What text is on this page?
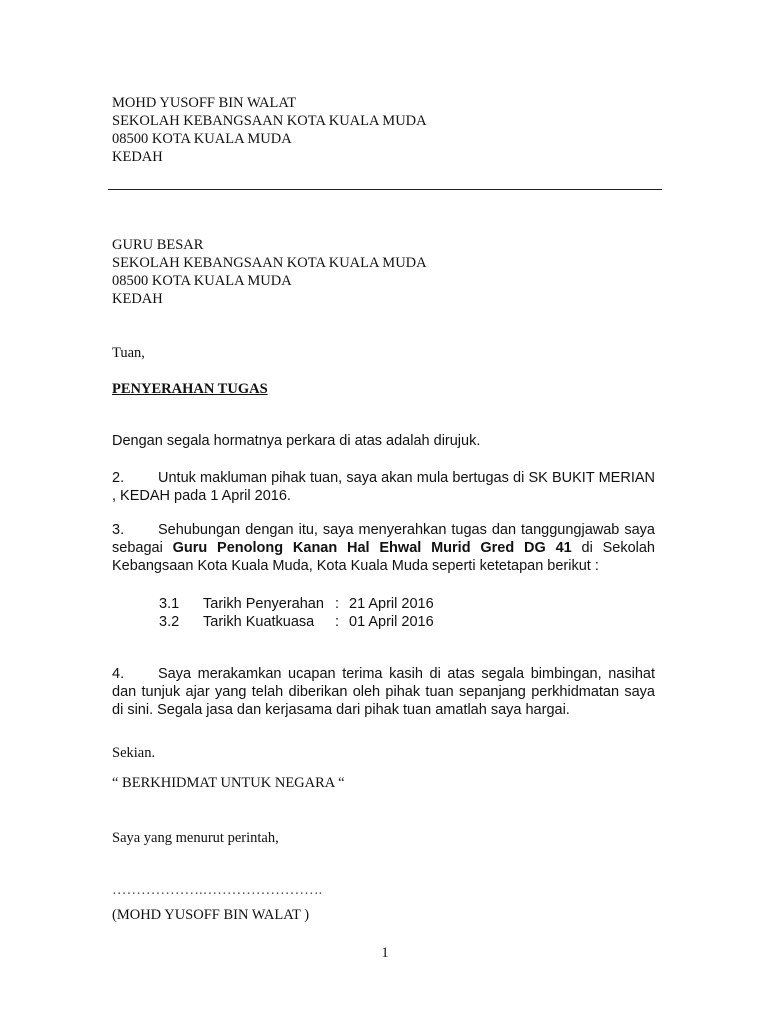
MOHD YUSOFF BIN WALAT
SEKOLAH KEBANGSAAN KOTA KUALA MUDA
08500 KOTA KUALA MUDA
KEDAH
GURU BESAR
SEKOLAH KEBANGSAAN KOTA KUALA MUDA
08500 KOTA KUALA MUDA
KEDAH
Tuan,
PENYERAHAN TUGAS
Dengan segala hormatnya perkara di atas adalah dirujuk.
2. Untuk makluman pihak tuan, saya akan mula bertugas di SK BUKIT MERIAN , KEDAH pada 1 April 2016.
3. Sehubungan dengan itu, saya menyerahkan tugas dan tanggungjawab saya sebagai Guru Penolong Kanan Hal Ehwal Murid Gred DG 41 di Sekolah Kebangsaan Kota Kuala Muda, Kota Kuala Muda seperti ketetapan berikut :
3.1	Tarikh Penyerahan : 21 April 2016
3.2	Tarikh Kuatkuasa	: 01 April 2016
4. Saya merakamkan ucapan terima kasih di atas segala bimbingan, nasihat dan tunjuk ajar yang telah diberikan oleh pihak tuan sepanjang perkhidmatan saya di sini. Segala jasa dan kerjasama dari pihak tuan amatlah saya hargai.
Sekian.
“ BERKHIDMAT UNTUK NEGARA “
Saya yang menurut perintah,
……………….…………………….
(MOHD YUSOFF BIN WALAT )
1
